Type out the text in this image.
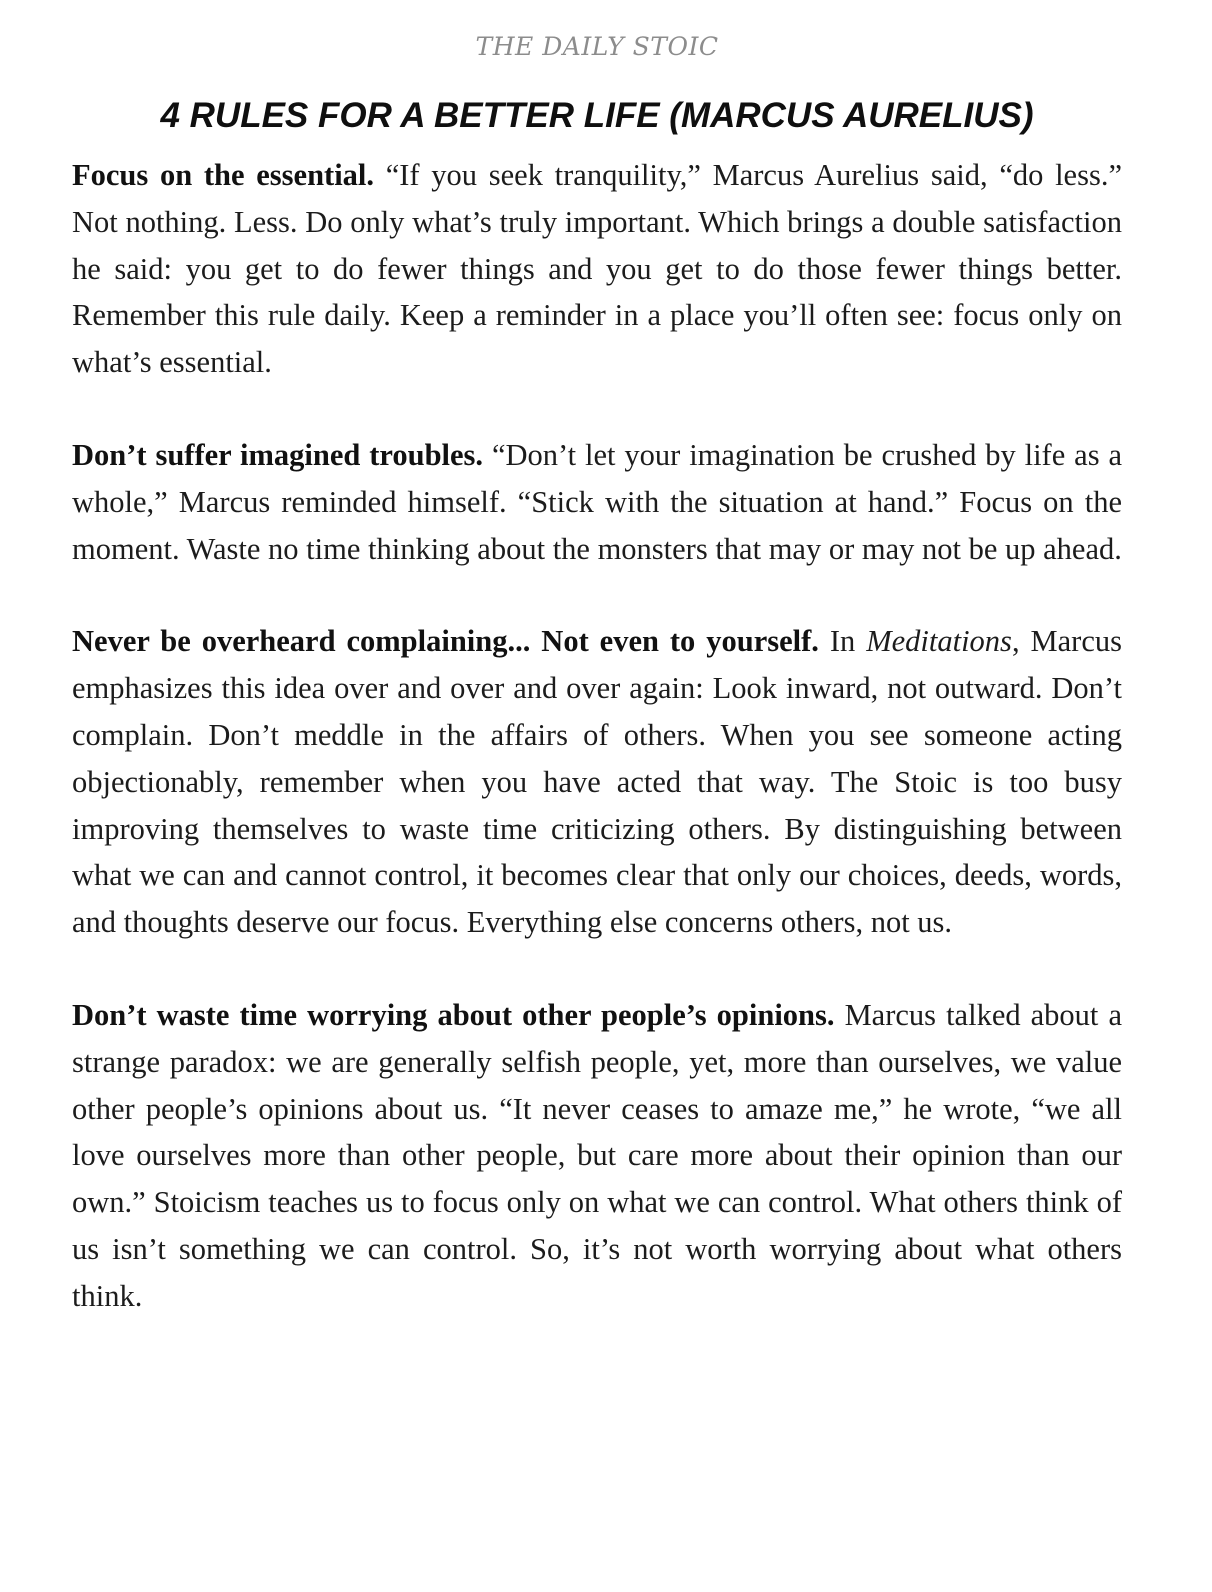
THE DAILY STOIC
4 RULES FOR A BETTER LIFE (MARCUS AURELIUS)

Focus on the essential. “If you seek tranquility,” Marcus Aurelius said, “do less.” Not nothing. Less. Do only what’s truly important. Which brings a double satisfaction he said: you get to do fewer things and you get to do those fewer things better. Remember this rule daily. Keep a reminder in a place you’ll often see: focus only on what’s essential.

Don’t suffer imagined troubles. “Don’t let your imagination be crushed by life as a whole,” Marcus reminded himself. “Stick with the situation at hand.” Focus on the moment. Waste no time thinking about the monsters that may or may not be up ahead.

Never be overheard complaining... Not even to yourself. In Meditations, Marcus emphasizes this idea over and over and over again: Look inward, not outward. Don’t complain. Don’t meddle in the affairs of others. When you see someone acting objectionably, remember when you have acted that way. The Stoic is too busy improving themselves to waste time criticizing others. By distinguishing between what we can and cannot control, it becomes clear that only our choices, deeds, words, and thoughts deserve our focus. Everything else concerns others, not us.

Don’t waste time worrying about other people’s opinions. Marcus talked about a strange paradox: we are generally selfish people, yet, more than ourselves, we value other people’s opinions about us. “It never ceases to amaze me,” he wrote, “we all love ourselves more than other people, but care more about their opinion than our own.” Stoicism teaches us to focus only on what we can control. What others think of us isn’t something we can control. So, it’s not worth worrying about what others think.
